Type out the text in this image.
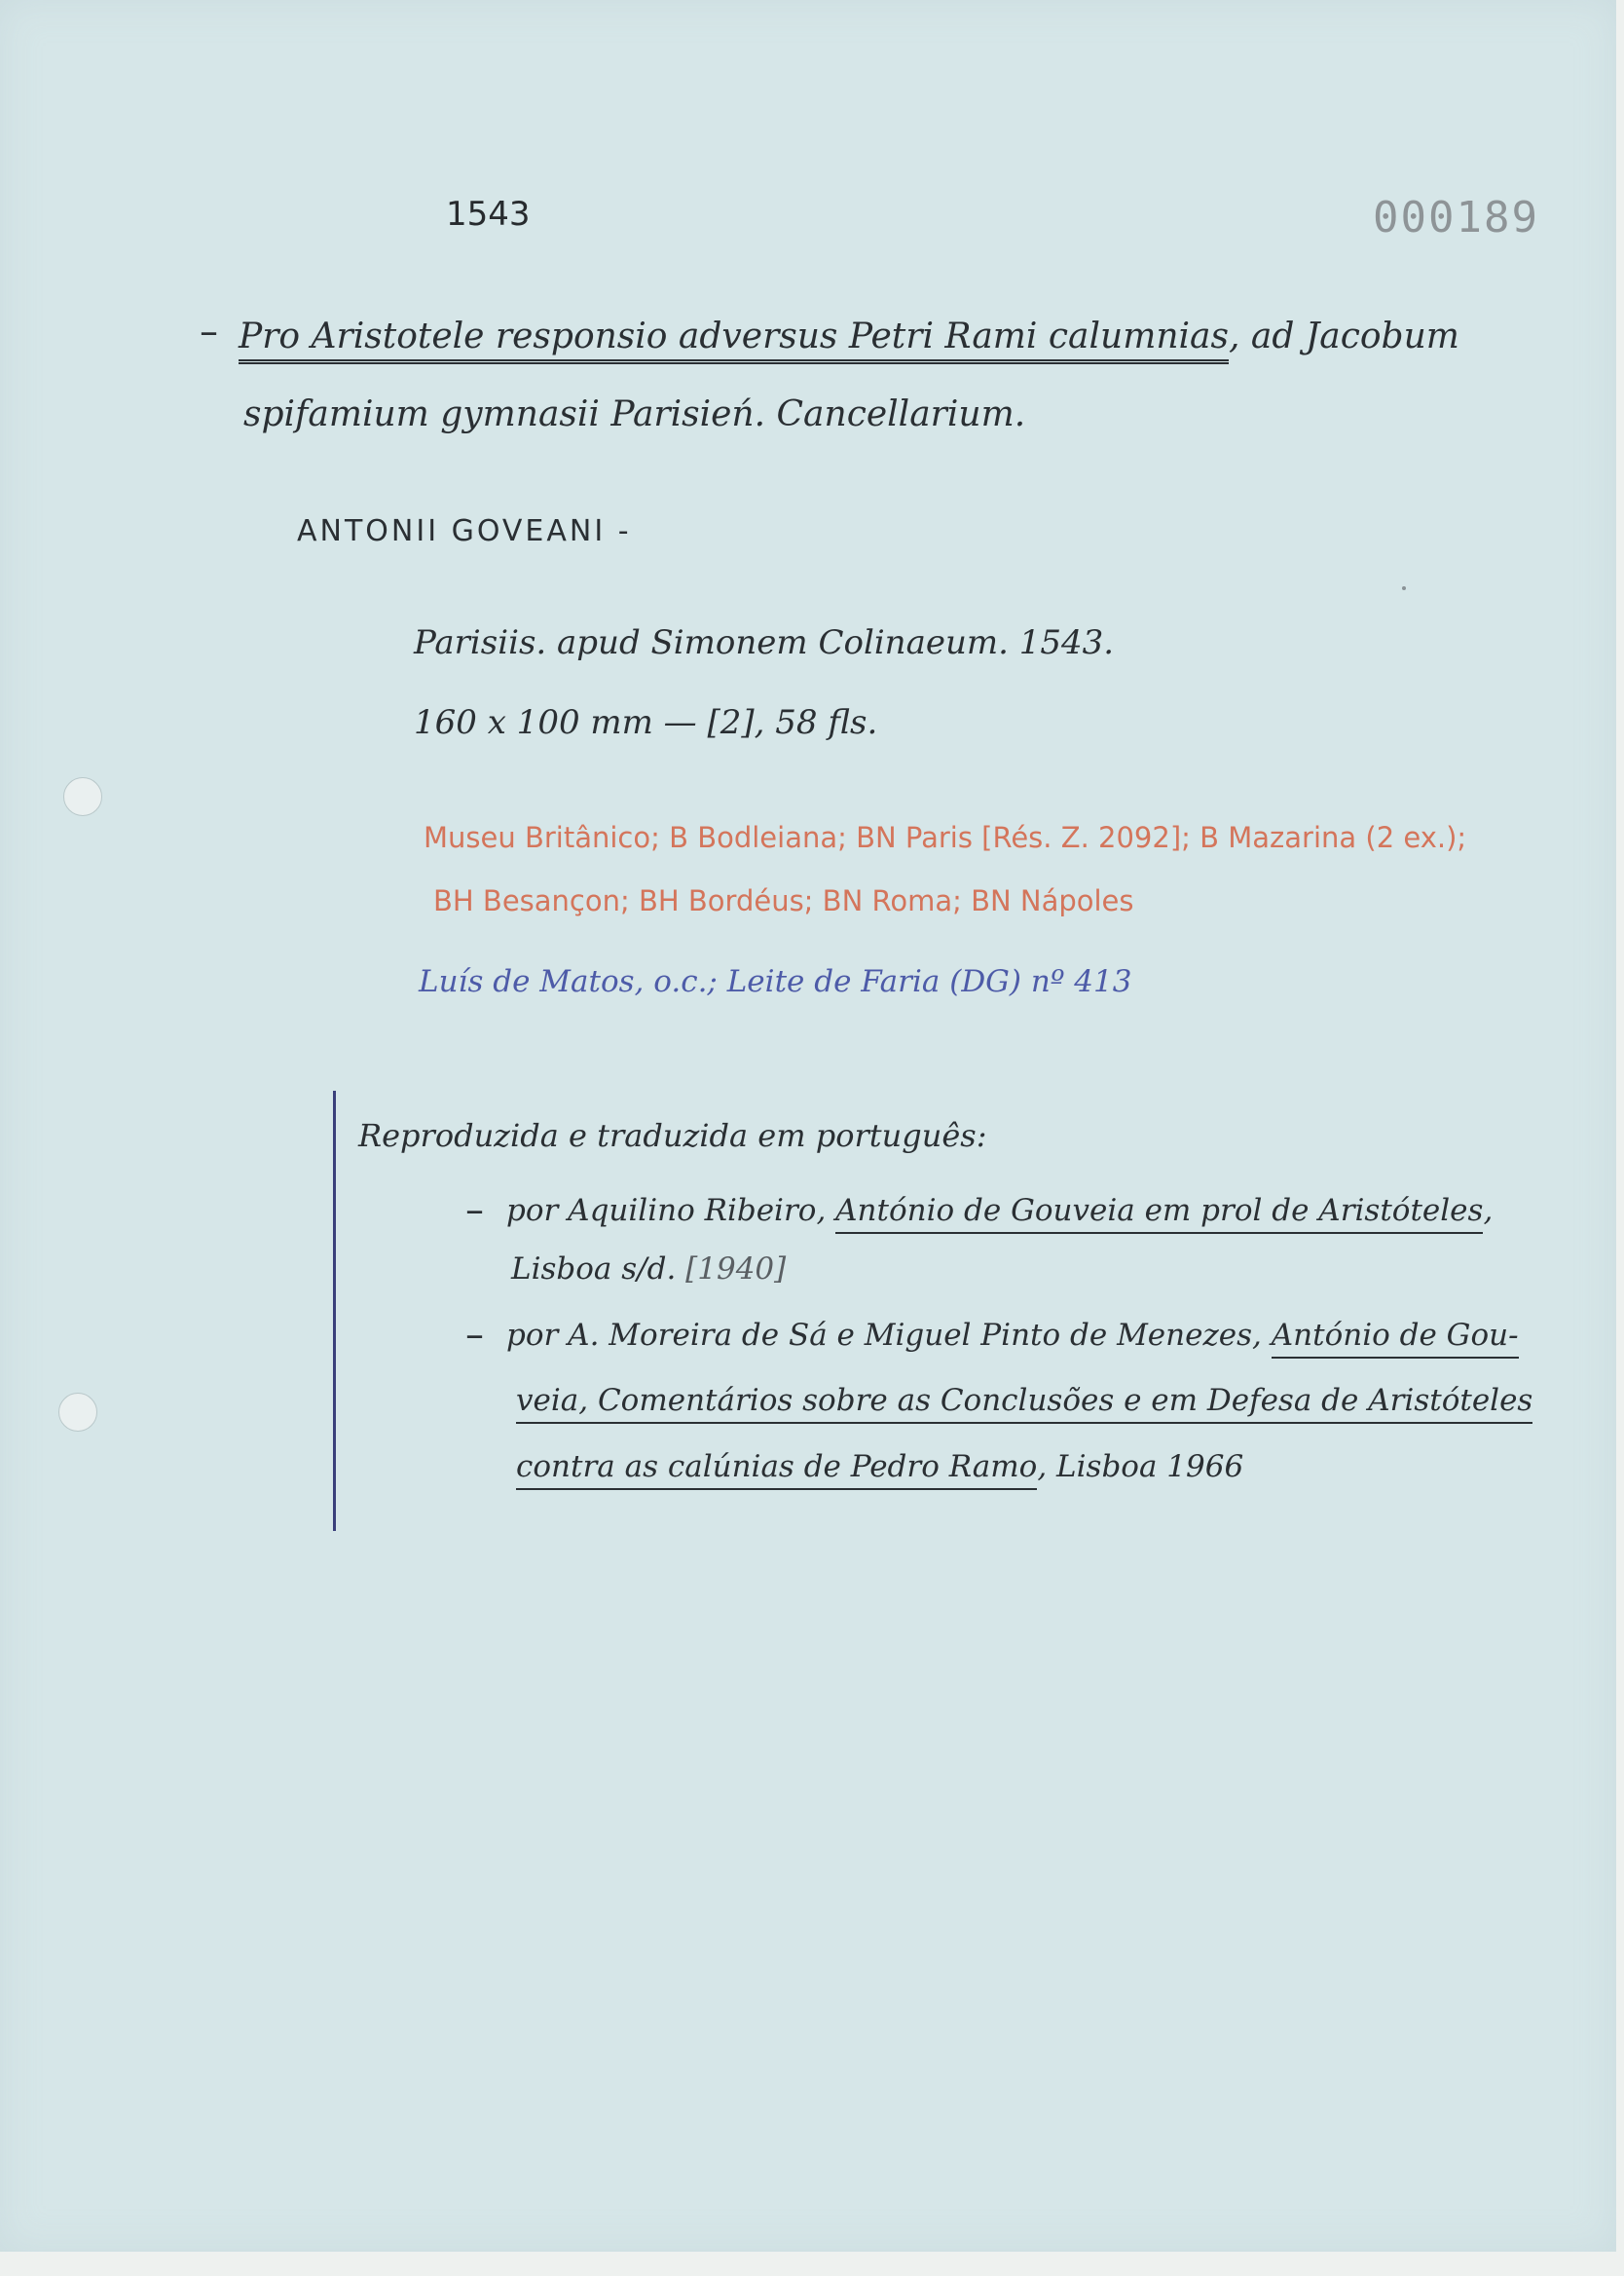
1543	000189
– Pro Aristotele responsio adversus Petri Rami calumnias, ad Jacobum
spifamium gymnasii Parisień. Cancellarium.
ANTONII GOVEANI -
Parisiis. apud Simonem Colinaeum. 1543.
160 x 100 mm — [2], 58 fls.
Museu Britânico; B Bodleiana; BN Paris [Rés. Z. 2092]; B Mazarina (2 ex.);
BH Besançon; BH Bordéus; BN Roma; BN Nápoles
Luís de Matos, o.c.; Leite de Faria (DG) nº 413
Reproduzida e traduzida em português:
– por Aquilino Ribeiro, António de Gouveia em prol de Aristóteles,
Lisboa s/d. [1940]
– por A. Moreira de Sá e Miguel Pinto de Menezes, António de Gou-
veia, Comentários sobre as Conclusões e em Defesa de Aristóteles
contra as calúnias de Pedro Ramo, Lisboa 1966
